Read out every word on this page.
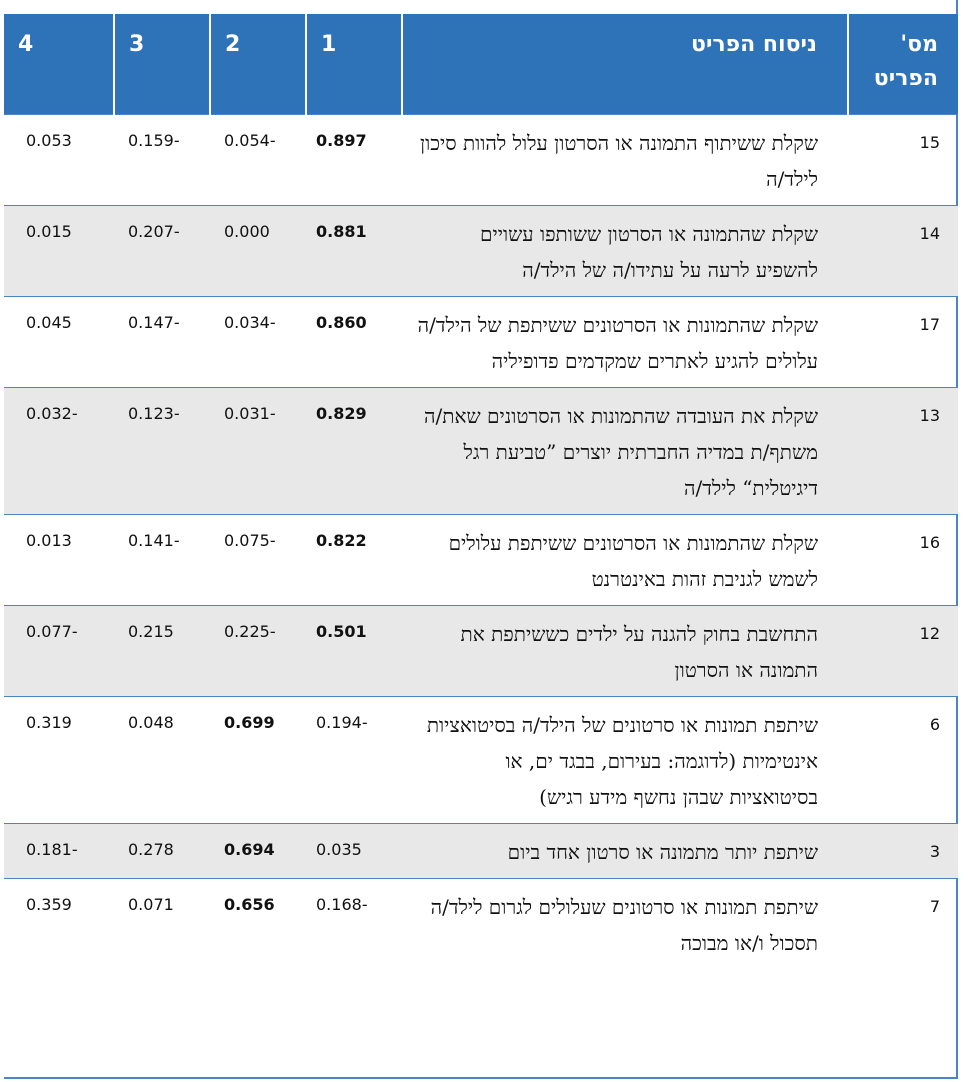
מס' הפריט	ניסוח הפריט	1	2	3	4
15	שקלת ששיתוף התמונה או הסרטון עלול להוות סיכון לילד/ה	0.897	-0.054	-0.159	0.053
14	שקלת שהתמונה או הסרטון ששותפו עשויים להשפיע לרעה על עתידו/ה של הילד/ה	0.881	0.000	-0.207	0.015
17	שקלת שהתמונות או הסרטונים ששיתפת של הילד/ה עלולים להגיע לאתרים שמקדמים פדופיליה	0.860	-0.034	-0.147	0.045
13	שקלת את העובדה שהתמונות או הסרטונים שאת/ה משתף/ת במדיה החברתית יוצרים ”טביעת רגל דיגיטלית“ לילד/ה	0.829	-0.031	-0.123	-0.032
16	שקלת שהתמונות או הסרטונים ששיתפת עלולים לשמש לגניבת זהות באינטרנט	0.822	-0.075	-0.141	0.013
12	התחשבת בחוק להגנה על ילדים כששיתפת את התמונה או הסרטון	0.501	-0.225	0.215	-0.077
6	שיתפת תמונות או סרטונים של הילד/ה בסיטואציות אינטימיות (לדוגמה: בעירום, בבגד ים, או בסיטואציות שבהן נחשף מידע רגיש)	-0.194	0.699	0.048	0.319
3	שיתפת יותר מתמונה או סרטון אחד ביום	0.035	0.694	0.278	-0.181
7	שיתפת תמונות או סרטונים שעלולים לגרום לילד/ה תסכול ו/או מבוכה	-0.168	0.656	0.071	0.359
